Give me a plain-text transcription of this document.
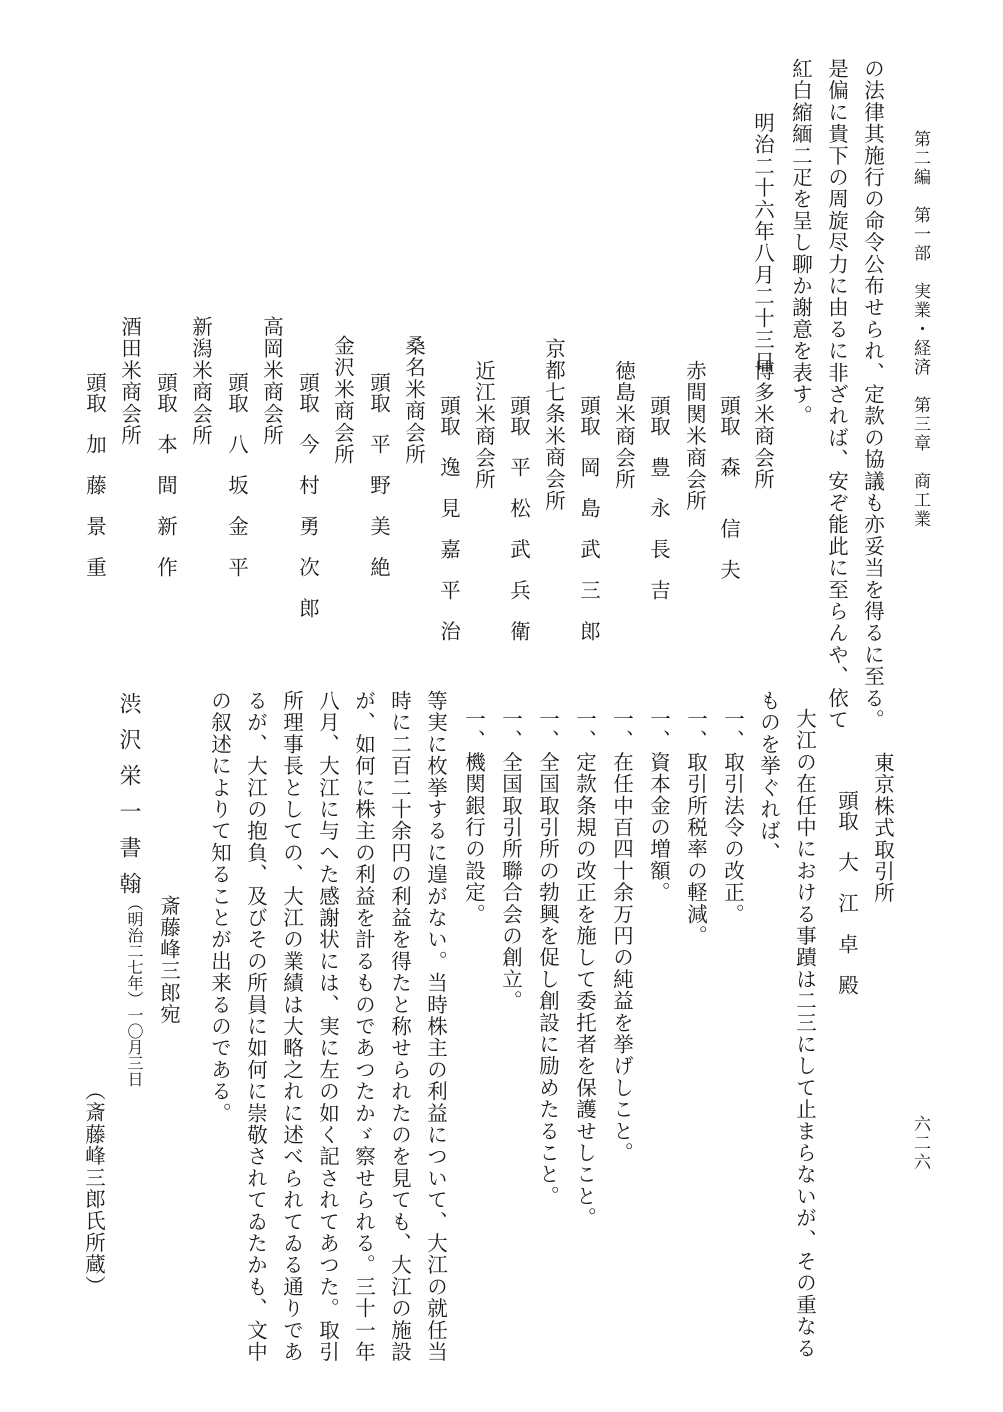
第二編　第一部　実業・経済　第三章　商工業
六二六
の法律其施行の命令公布せられ、定款の協議も亦妥当を得るに至る。
是偏に貴下の周旋尽力に由るに非ざれば、安ぞ能此に至らんや、依て
紅白縮緬二疋を呈し聊か謝意を表す。
明治二十六年八月二十三日
博多米商会所
頭取　森　　信　夫
赤間関米商会所
頭取　豊　永　長　吉
徳島米商会所
頭取　岡　島　武　三　郎
京都七条米商会所
頭取　平　松　武　兵　衛
近江米商会所
頭取　逸　見　嘉　平　治
桑名米商会所
頭取　平　野　美　絶
金沢米商会所
頭取　今　村　勇　次　郎
高岡米商会所
頭取　八　坂　金　平
新潟米商会所
頭取　本　間　新　作
酒田米商会所
頭取　加　藤　景　重
東京株式取引所
頭取　大　江　卓　殿
大江の在任中における事蹟は二三にして止まらないが、その重なる
ものを挙ぐれば、
一、取引法令の改正。
一、取引所税率の軽減。
一、資本金の増額。
一、在任中百四十余万円の純益を挙げしこと。
一、定款条規の改正を施して委托者を保護せしこと。
一、全国取引所の勃興を促し創設に励めたること。
一、全国取引所聯合会の創立。
一、機関銀行の設定。
等実に枚挙するに遑がない。当時株主の利益について、大江の就任当
時に二百二十余円の利益を得たと称せられたのを見ても、大江の施設
が、如何に株主の利益を計るものであつたかゞ察せられる。三十一年
八月、大江に与へた感謝状には、実に左の如く記されてあつた。取引
所理事長としての、大江の業績は大略之れに述べられてゐる通りであ
るが、大江の抱負、及びその所員に如何に崇敬されてゐたかも、文中
の叙述によりて知ることが出来るのである。
渋沢栄一書翰
斎藤峰三郎宛
（明治二七年）一〇月三日
（斎藤峰三郎氏所蔵）
